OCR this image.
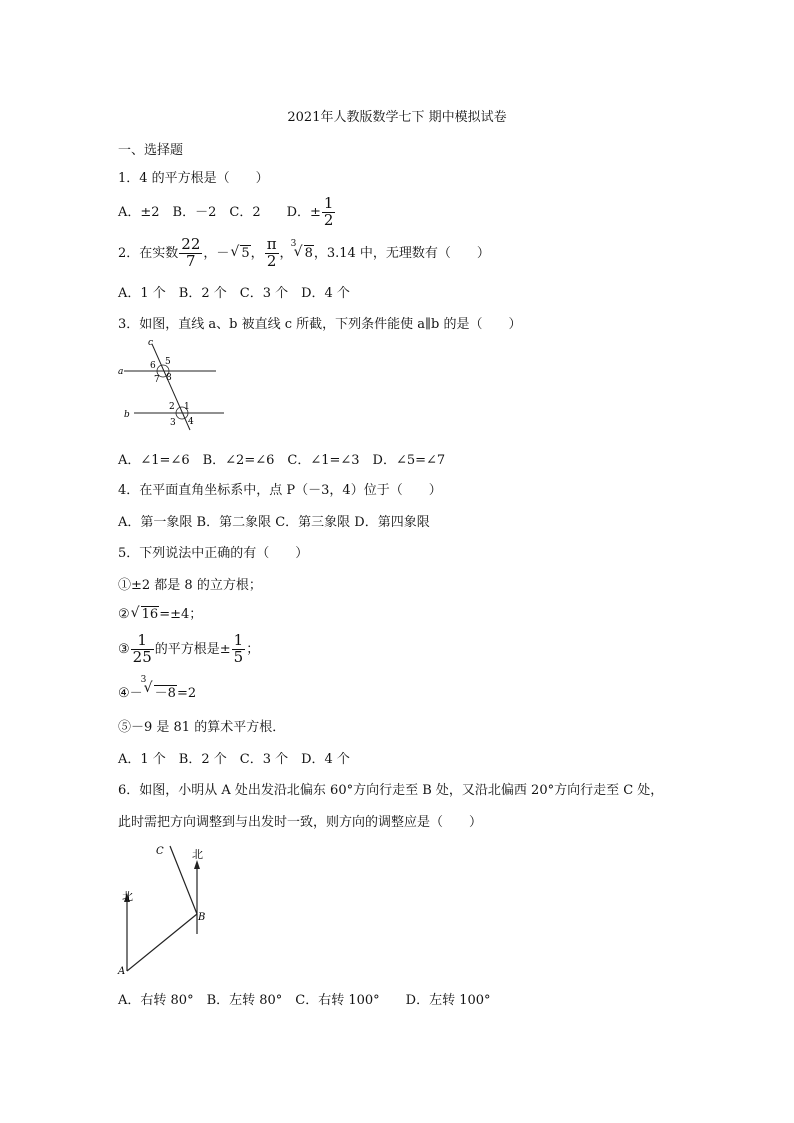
2021年人教版数学七下 期中模拟试卷
一、选择题
1．4 的平方根是（　　）
A．±2　B．－2　C．2　　D．± $\frac{1}{2}$
2．在实数 $\frac{22}{7}$ ，－ √ 5， $\frac{\pi}{2}$ ，
3
√ 8，3.14 中，无理数有（　　）
A．1 个　B．2 个　C．3 个　D．4 个
3．如图，直线 a、b 被直线 c 所截，下列条件能使 a∥b 的是（　　）
c
a
b
6 5
7 8
2 1
3 4
A．∠1=∠6　B．∠2=∠6　C．∠1=∠3　D．∠5=∠7
4．在平面直角坐标系中，点 P（－3，4）位于（　　）
A．第一象限 B．第二象限 C．第三象限 D．第四象限
5．下列说法中正确的有（　　）
①±2 都是 8 的立方根；
② √ 16=±4；
③ $\frac{1}{25}$ 的平方根是± $\frac{1}{5}$ ；
④－
3
√ －8=2
⑤－9 是 81 的算术平方根．
A．1 个　B．2 个　C．3 个　D．4 个
6．如图，小明从 A 处出发沿北偏东 60°方向行走至 B 处，又沿北偏西 20°方向行走至 C 处，
此时需把方向调整到与出发时一致，则方向的调整应是（　　）
北
北
A
B
C
A．右转 80°　B．左转 80°　C．右转 100°　　D．左转 100°
